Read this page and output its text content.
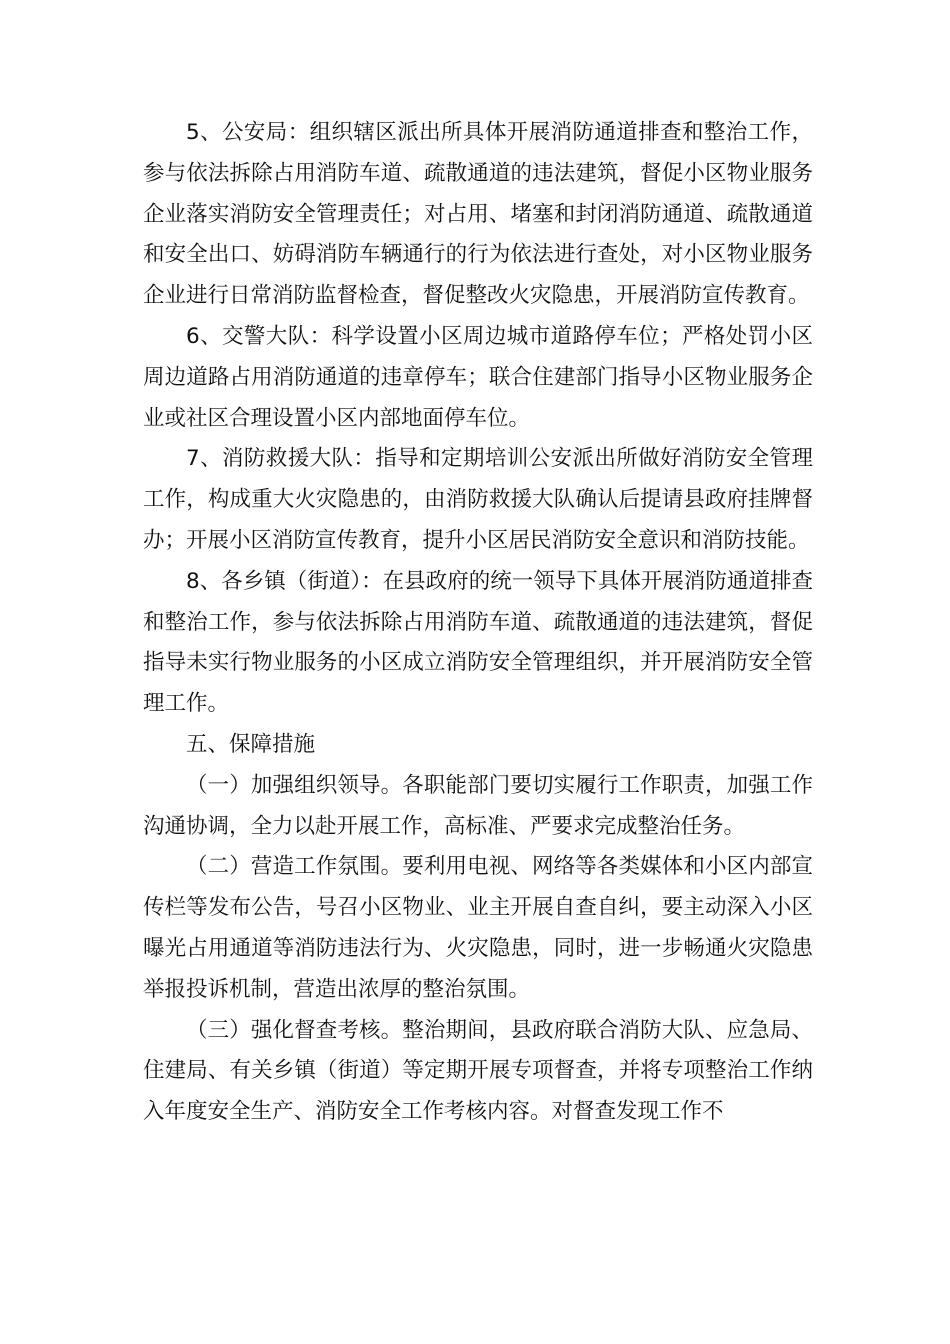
5、公安局：组织辖区派出所具体开展消防通道排查和整治工作，参与依法拆除占用消防车道、疏散通道的违法建筑，督促小区物业服务企业落实消防安全管理责任；对占用、堵塞和封闭消防通道、疏散通道和安全出口、妨碍消防车辆通行的行为依法进行查处，对小区物业服务企业进行日常消防监督检查，督促整改火灾隐患，开展消防宣传教育。

6、交警大队：科学设置小区周边城市道路停车位；严格处罚小区周边道路占用消防通道的违章停车；联合住建部门指导小区物业服务企业或社区合理设置小区内部地面停车位。

7、消防救援大队：指导和定期培训公安派出所做好消防安全管理工作，构成重大火灾隐患的，由消防救援大队确认后提请县政府挂牌督办；开展小区消防宣传教育，提升小区居民消防安全意识和消防技能。

8、各乡镇（街道）：在县政府的统一领导下具体开展消防通道排查和整治工作，参与依法拆除占用消防车道、疏散通道的违法建筑，督促指导未实行物业服务的小区成立消防安全管理组织，并开展消防安全管理工作。

五、保障措施

（一）加强组织领导。各职能部门要切实履行工作职责，加强工作沟通协调，全力以赴开展工作，高标准、严要求完成整治任务。

（二）营造工作氛围。要利用电视、网络等各类媒体和小区内部宣传栏等发布公告，号召小区物业、业主开展自查自纠，要主动深入小区曝光占用通道等消防违法行为、火灾隐患，同时，进一步畅通火灾隐患举报投诉机制，营造出浓厚的整治氛围。

（三）强化督查考核。整治期间，县政府联合消防大队、应急局、住建局、有关乡镇（街道）等定期开展专项督查，并将专项整治工作纳入年度安全生产、消防安全工作考核内容。对督查发现工作不
